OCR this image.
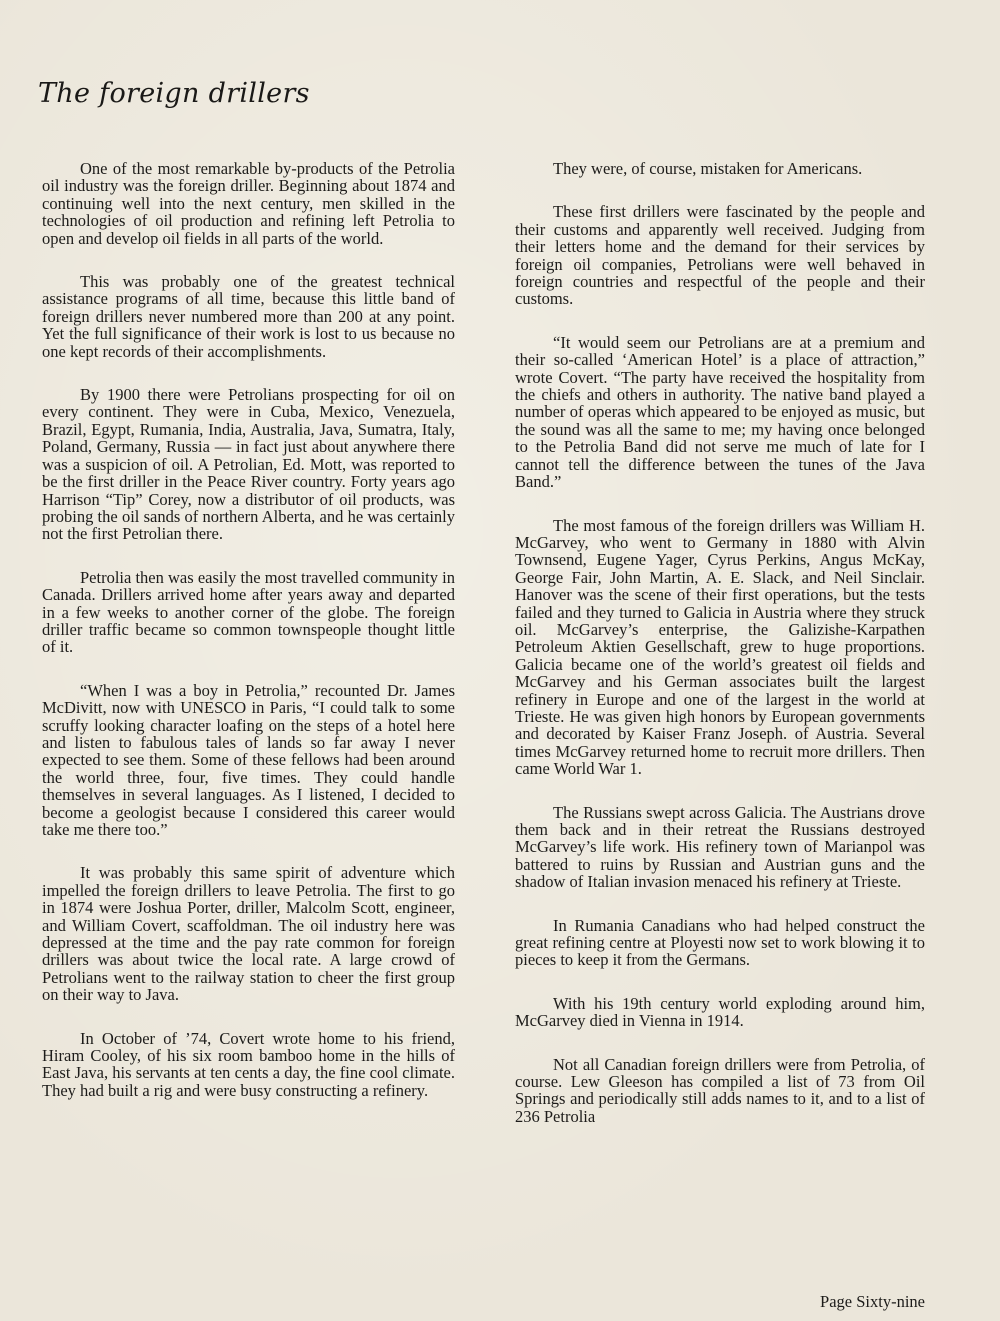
The foreign drillers

One of the most remarkable by-products of the Petrolia oil industry was the foreign driller. Beginning about 1874 and continuing well into the next century, men skilled in the technologies of oil production and refining left Petrolia to open and develop oil fields in all parts of the world.

This was probably one of the greatest technical assistance programs of all time, because this little band of foreign drillers never numbered more than 200 at any point. Yet the full significance of their work is lost to us because no one kept records of their accomplishments.

By 1900 there were Petrolians prospecting for oil on every continent. They were in Cuba, Mexico, Venezuela, Brazil, Egypt, Rumania, India, Australia, Java, Sumatra, Italy, Poland, Germany, Russia — in fact just about anywhere there was a suspicion of oil. A Petrolian, Ed. Mott, was reported to be the first driller in the Peace River country. Forty years ago Harrison “Tip” Corey, now a distributor of oil products, was probing the oil sands of northern Alberta, and he was certainly not the first Petrolian there.

Petrolia then was easily the most travelled community in Canada. Drillers arrived home after years away and departed in a few weeks to another corner of the globe. The foreign driller traffic became so common townspeople thought little of it.

“When I was a boy in Petrolia,” recounted Dr. James McDivitt, now with UNESCO in Paris, “I could talk to some scruffy looking character loafing on the steps of a hotel here and listen to fabulous tales of lands so far away I never expected to see them. Some of these fellows had been around the world three, four, five times. They could handle themselves in several languages. As I listened, I decided to become a geologist because I considered this career would take me there too.”

It was probably this same spirit of adventure which impelled the foreign drillers to leave Petrolia. The first to go in 1874 were Joshua Porter, driller, Malcolm Scott, engineer, and William Covert, scaffoldman. The oil industry here was depressed at the time and the pay rate common for foreign drillers was about twice the local rate. A large crowd of Petrolians went to the railway station to cheer the first group on their way to Java.

In October of ’74, Covert wrote home to his friend, Hiram Cooley, of his six room bamboo home in the hills of East Java, his servants at ten cents a day, the fine cool climate. They had built a rig and were busy constructing a refinery.

They were, of course, mistaken for Americans.

These first drillers were fascinated by the people and their customs and apparently well received. Judging from their letters home and the demand for their services by foreign oil companies, Petrolians were well behaved in foreign countries and respectful of the people and their customs.

“It would seem our Petrolians are at a premium and their so-called ‘American Hotel’ is a place of attraction,” wrote Covert. “The party have received the hospitality from the chiefs and others in authority. The native band played a number of operas which appeared to be enjoyed as music, but the sound was all the same to me; my having once belonged to the Petrolia Band did not serve me much of late for I cannot tell the difference between the tunes of the Java Band.”

The most famous of the foreign drillers was William H. McGarvey, who went to Germany in 1880 with Alvin Townsend, Eugene Yager, Cyrus Perkins, Angus McKay, George Fair, John Martin, A. E. Slack, and Neil Sinclair. Hanover was the scene of their first operations, but the tests failed and they turned to Galicia in Austria where they struck oil. McGarvey’s enterprise, the Galizishe-Karpathen Petroleum Aktien Gesellschaft, grew to huge proportions. Galicia became one of the world’s greatest oil fields and McGarvey and his German associates built the largest refinery in Europe and one of the largest in the world at Trieste. He was given high honors by European governments and decorated by Kaiser Franz Joseph. of Austria. Several times McGarvey returned home to recruit more drillers. Then came World War 1.

The Russians swept across Galicia. The Austrians drove them back and in their retreat the Russians destroyed McGarvey’s life work. His refinery town of Marianpol was battered to ruins by Russian and Austrian guns and the shadow of Italian invasion menaced his refinery at Trieste.

In Rumania Canadians who had helped construct the great refining centre at Ployesti now set to work blowing it to pieces to keep it from the Germans.

With his 19th century world exploding around him, McGarvey died in Vienna in 1914.

Not all Canadian foreign drillers were from Petrolia, of course. Lew Gleeson has compiled a list of 73 from Oil Springs and periodically still adds names to it, and to a list of 236 Petrolia

Page Sixty-nine
